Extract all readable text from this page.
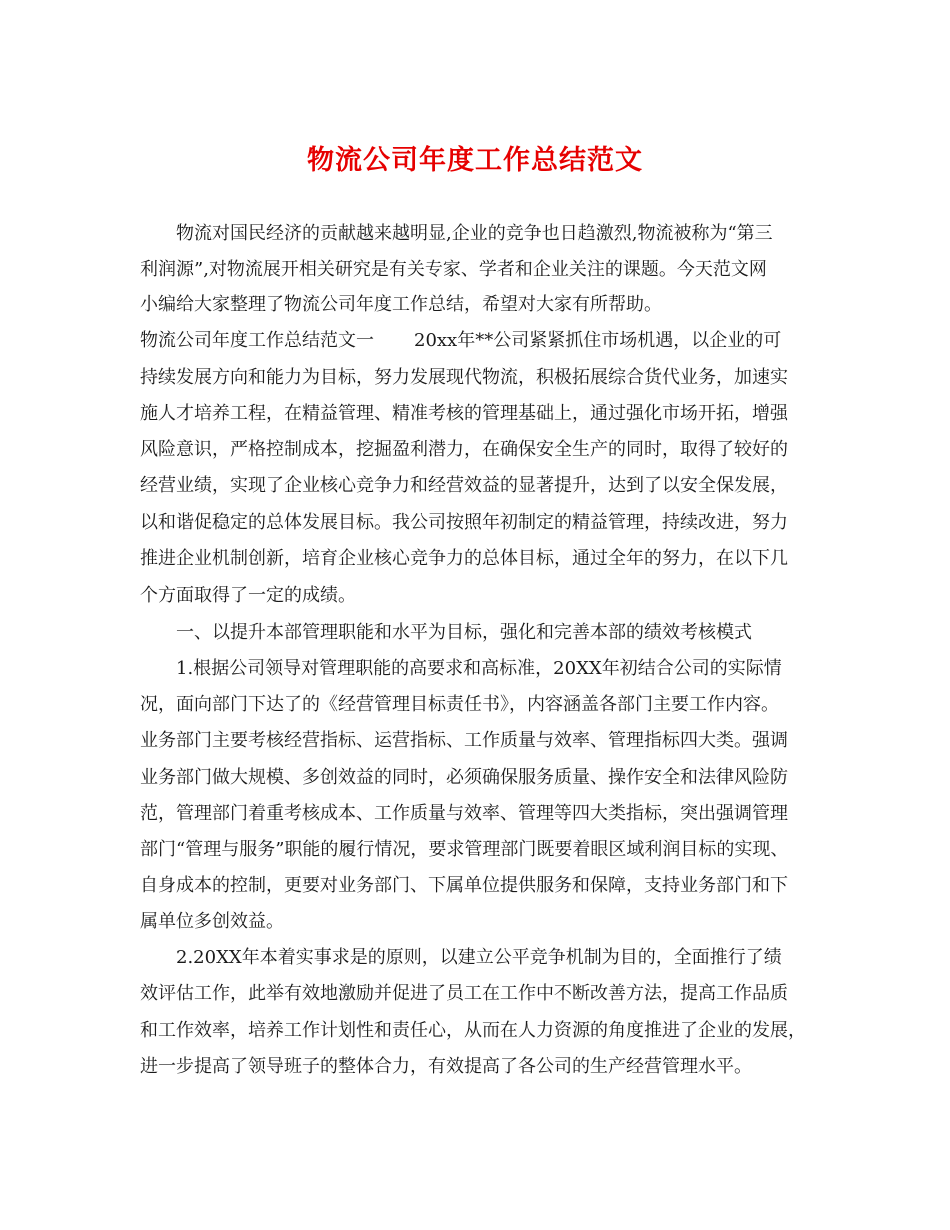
物流公司年度工作总结范文
物流对国民经济的贡献越来越明显,企业的竞争也日趋激烈,物流被称为“第三
利润源”,对物流展开相关研究是有关专家、学者和企业关注的课题。今天范文网
小编给大家整理了物流公司年度工作总结，希望对大家有所帮助。
物流公司年度工作总结范文一 20xx年**公司紧紧抓住市场机遇，以企业的可
持续发展方向和能力为目标，努力发展现代物流，积极拓展综合货代业务，加速实
施人才培养工程，在精益管理、精准考核的管理基础上，通过强化市场开拓，增强
风险意识，严格控制成本，挖掘盈利潜力，在确保安全生产的同时，取得了较好的
经营业绩，实现了企业核心竞争力和经营效益的显著提升，达到了以安全保发展，
以和谐促稳定的总体发展目标。我公司按照年初制定的精益管理，持续改进，努力
推进企业机制创新，培育企业核心竞争力的总体目标，通过全年的努力，在以下几
个方面取得了一定的成绩。
一、以提升本部管理职能和水平为目标，强化和完善本部的绩效考核模式
1.根据公司领导对管理职能的高要求和高标准，20XX年初结合公司的实际情
况，面向部门下达了的《经营管理目标责任书》，内容涵盖各部门主要工作内容。
业务部门主要考核经营指标、运营指标、工作质量与效率、管理指标四大类。强调
业务部门做大规模、多创效益的同时，必须确保服务质量、操作安全和法律风险防
范，管理部门着重考核成本、工作质量与效率、管理等四大类指标，突出强调管理
部门“管理与服务”职能的履行情况，要求管理部门既要着眼区域利润目标的实现、
自身成本的控制，更要对业务部门、下属单位提供服务和保障，支持业务部门和下
属单位多创效益。
2.20XX年本着实事求是的原则，以建立公平竞争机制为目的，全面推行了绩
效评估工作，此举有效地激励并促进了员工在工作中不断改善方法，提高工作品质
和工作效率，培养工作计划性和责任心，从而在人力资源的角度推进了企业的发展，
进一步提高了领导班子的整体合力，有效提高了各公司的生产经营管理水平。
